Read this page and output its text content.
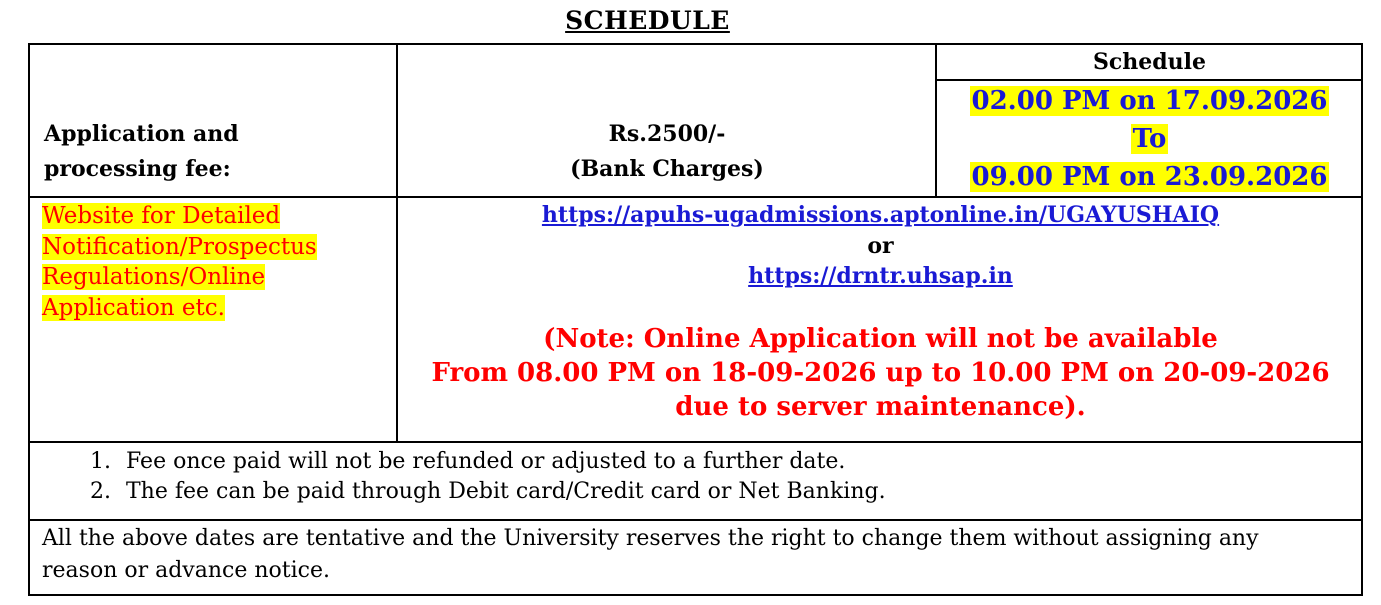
SCHEDULE
Application and
processing fee:
Rs.2500/-
(Bank Charges)
Schedule
02.00 PM on 17.09.2026
To
09.00 PM on 23.09.2026
Website for Detailed
Notification/Prospectus
Regulations/Online
Application etc.
https://apuhs-ugadmissions.aptonline.in/UGAYUSHAIQ
or
https://drntr.uhsap.in
(Note: Online Application will not be available
From 08.00 PM on 18-09-2026 up to 10.00 PM on 20-09-2026
due to server maintenance).
1. Fee once paid will not be refunded or adjusted to a further date.
2. The fee can be paid through Debit card/Credit card or Net Banking.
All the above dates are tentative and the University reserves the right to change them without assigning any reason or advance notice.
